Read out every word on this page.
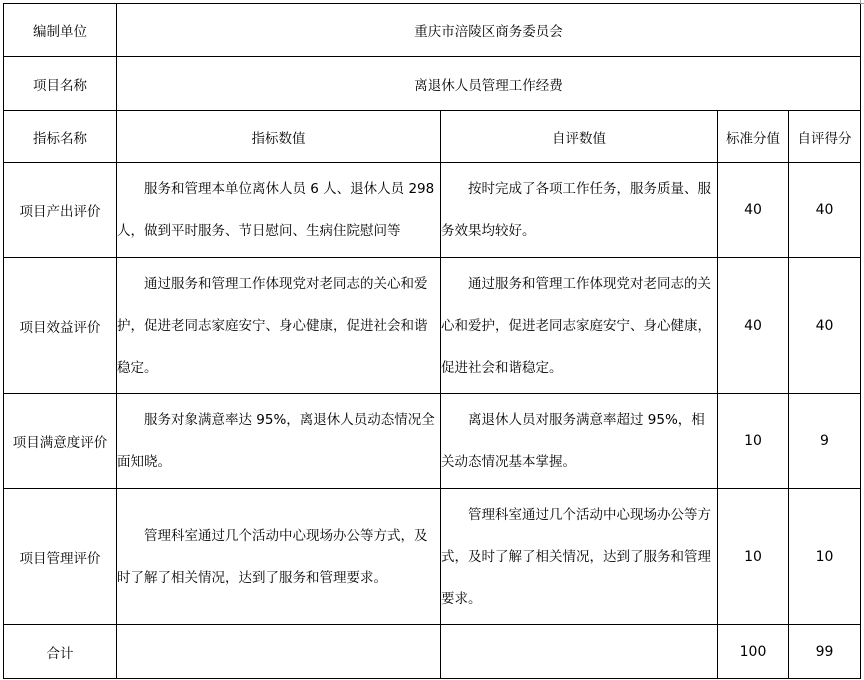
编制单位	重庆市涪陵区商务委员会			
项目名称	离退休人员管理工作经费			
指标名称	指标数值	自评数值	标准分值	自评得分
项目产出评价	服务和管理本单位离休人员 6 人、退休人员 298 人，做到平时服务、节日慰问、生病住院慰问等	按时完成了各项工作任务，服务质量、服务效果均较好。	40	40
项目效益评价	通过服务和管理工作体现党对老同志的关心和爱护，促进老同志家庭安宁、身心健康，促进社会和谐稳定。	通过服务和管理工作体现党对老同志的关心和爱护，促进老同志家庭安宁、身心健康，促进社会和谐稳定。	40	40
项目满意度评价	服务对象满意率达 95%，离退休人员动态情况全面知晓。	离退休人员对服务满意率超过 95%，相关动态情况基本掌握。	10	9
项目管理评价	管理科室通过几个活动中心现场办公等方式，及时了解了相关情况，达到了服务和管理要求。	管理科室通过几个活动中心现场办公等方式，及时了解了相关情况，达到了服务和管理要求。	10	10
合计			100	99
